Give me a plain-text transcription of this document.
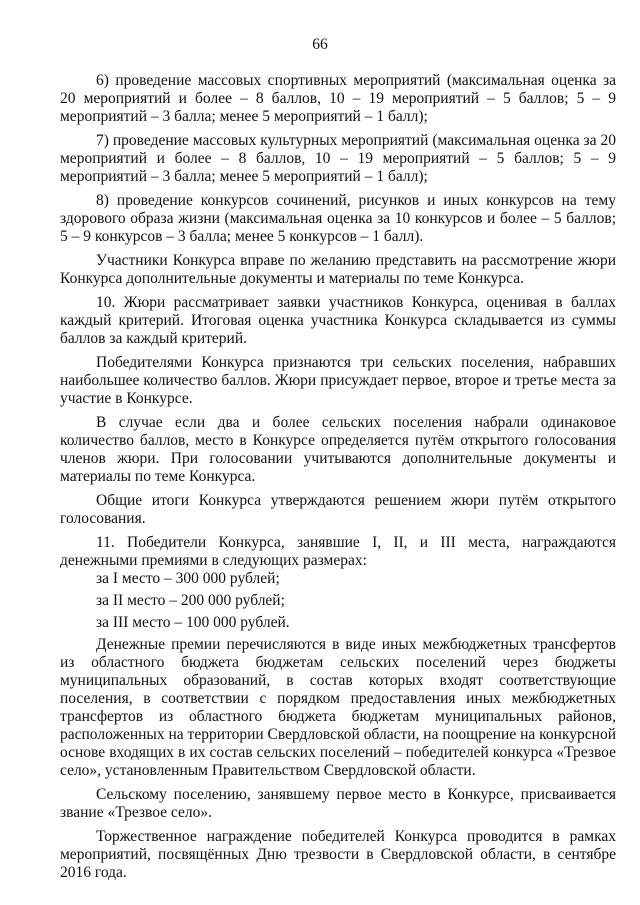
66

6) проведение массовых спортивных мероприятий (максимальная оценка за 20 мероприятий и более – 8 баллов, 10 – 19 мероприятий – 5 баллов; 5 – 9 мероприятий – 3 балла; менее 5 мероприятий – 1 балл);

7) проведение массовых культурных мероприятий (максимальная оценка за 20 мероприятий и более – 8 баллов, 10 – 19 мероприятий – 5 баллов; 5 – 9 мероприятий – 3 балла; менее 5 мероприятий – 1 балл);

8) проведение конкурсов сочинений, рисунков и иных конкурсов на тему здорового образа жизни (максимальная оценка за 10 конкурсов и более – 5 баллов; 5 – 9 конкурсов – 3 балла; менее 5 конкурсов – 1 балл).

Участники Конкурса вправе по желанию представить на рассмотрение жюри Конкурса дополнительные документы и материалы по теме Конкурса.

10. Жюри рассматривает заявки участников Конкурса, оценивая в баллах каждый критерий. Итоговая оценка участника Конкурса складывается из суммы баллов за каждый критерий.

Победителями Конкурса признаются три сельских поселения, набравших наибольшее количество баллов. Жюри присуждает первое, второе и третье места за участие в Конкурсе.

В случае если два и более сельских поселения набрали одинаковое количество баллов, место в Конкурсе определяется путём открытого голосования членов жюри. При голосовании учитываются дополнительные документы и материалы по теме Конкурса.

Общие итоги Конкурса утверждаются решением жюри путём открытого голосования.

11. Победители Конкурса, занявшие I, II, и III места, награждаются денежными премиями в следующих размерах:

за I место – 300 000 рублей;

за II место – 200 000 рублей;

за III место – 100 000 рублей.

Денежные премии перечисляются в виде иных межбюджетных трансфертов из областного бюджета бюджетам сельских поселений через бюджеты муниципальных образований, в состав которых входят соответствующие поселения, в соответствии с порядком предоставления иных межбюджетных трансфертов из областного бюджета бюджетам муниципальных районов, расположенных на территории Свердловской области, на поощрение на конкурсной основе входящих в их состав сельских поселений – победителей конкурса «Трезвое село», установленным Правительством Свердловской области.

Сельскому поселению, занявшему первое место в Конкурсе, присваивается звание «Трезвое село».

Торжественное награждение победителей Конкурса проводится в рамках мероприятий, посвящённых Дню трезвости в Свердловской области, в сентябре 2016 года.
